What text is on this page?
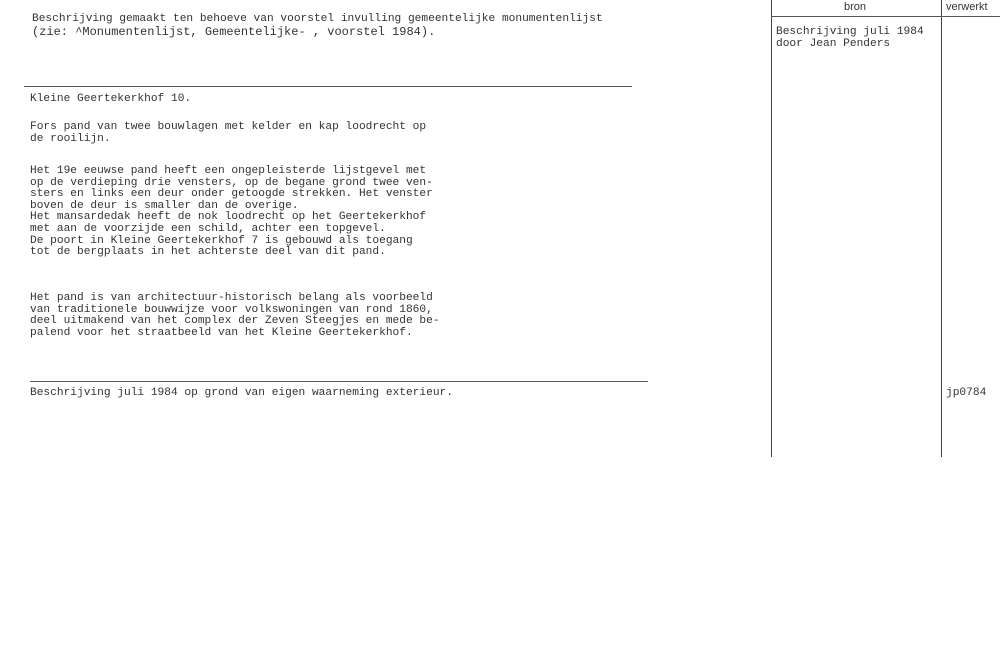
Beschrijving gemaakt ten behoeve van voorstel invulling gemeentelijke monumentenlijst
(zie: ^Monumentenlijst, Gemeentelijke- , voorstel 1984).
Kleine Geertekerkhof 10.

Fors pand van twee bouwlagen met kelder en kap loodrecht op
de rooilijn.

Het 19e eeuwse pand heeft een ongepleisterde lijstgevel met
op de verdieping drie vensters, op de begane grond twee ven-
sters en links een deur onder getoogde strekken. Het venster
boven de deur is smaller dan de overige.
Het mansardedak heeft de nok loodrecht op het Geertekerkhof
met aan de voorzijde een schild, achter een topgevel.
De poort in Kleine Geertekerkhof 7 is gebouwd als toegang
tot de bergplaats in het achterste deel van dit pand.

Het pand is van architectuur-historisch belang als voorbeeld
van traditionele bouwwijze voor volkswoningen van rond 1860,
deel uitmakend van het complex der Zeven Steegjes en mede be-
palend voor het straatbeeld van het Kleine Geertekerkhof.

Beschrijving juli 1984 op grond van eigen waarneming exterieur.
bron	verwerkt
Beschrijving juli 1984
door Jean Penders
jp0784
